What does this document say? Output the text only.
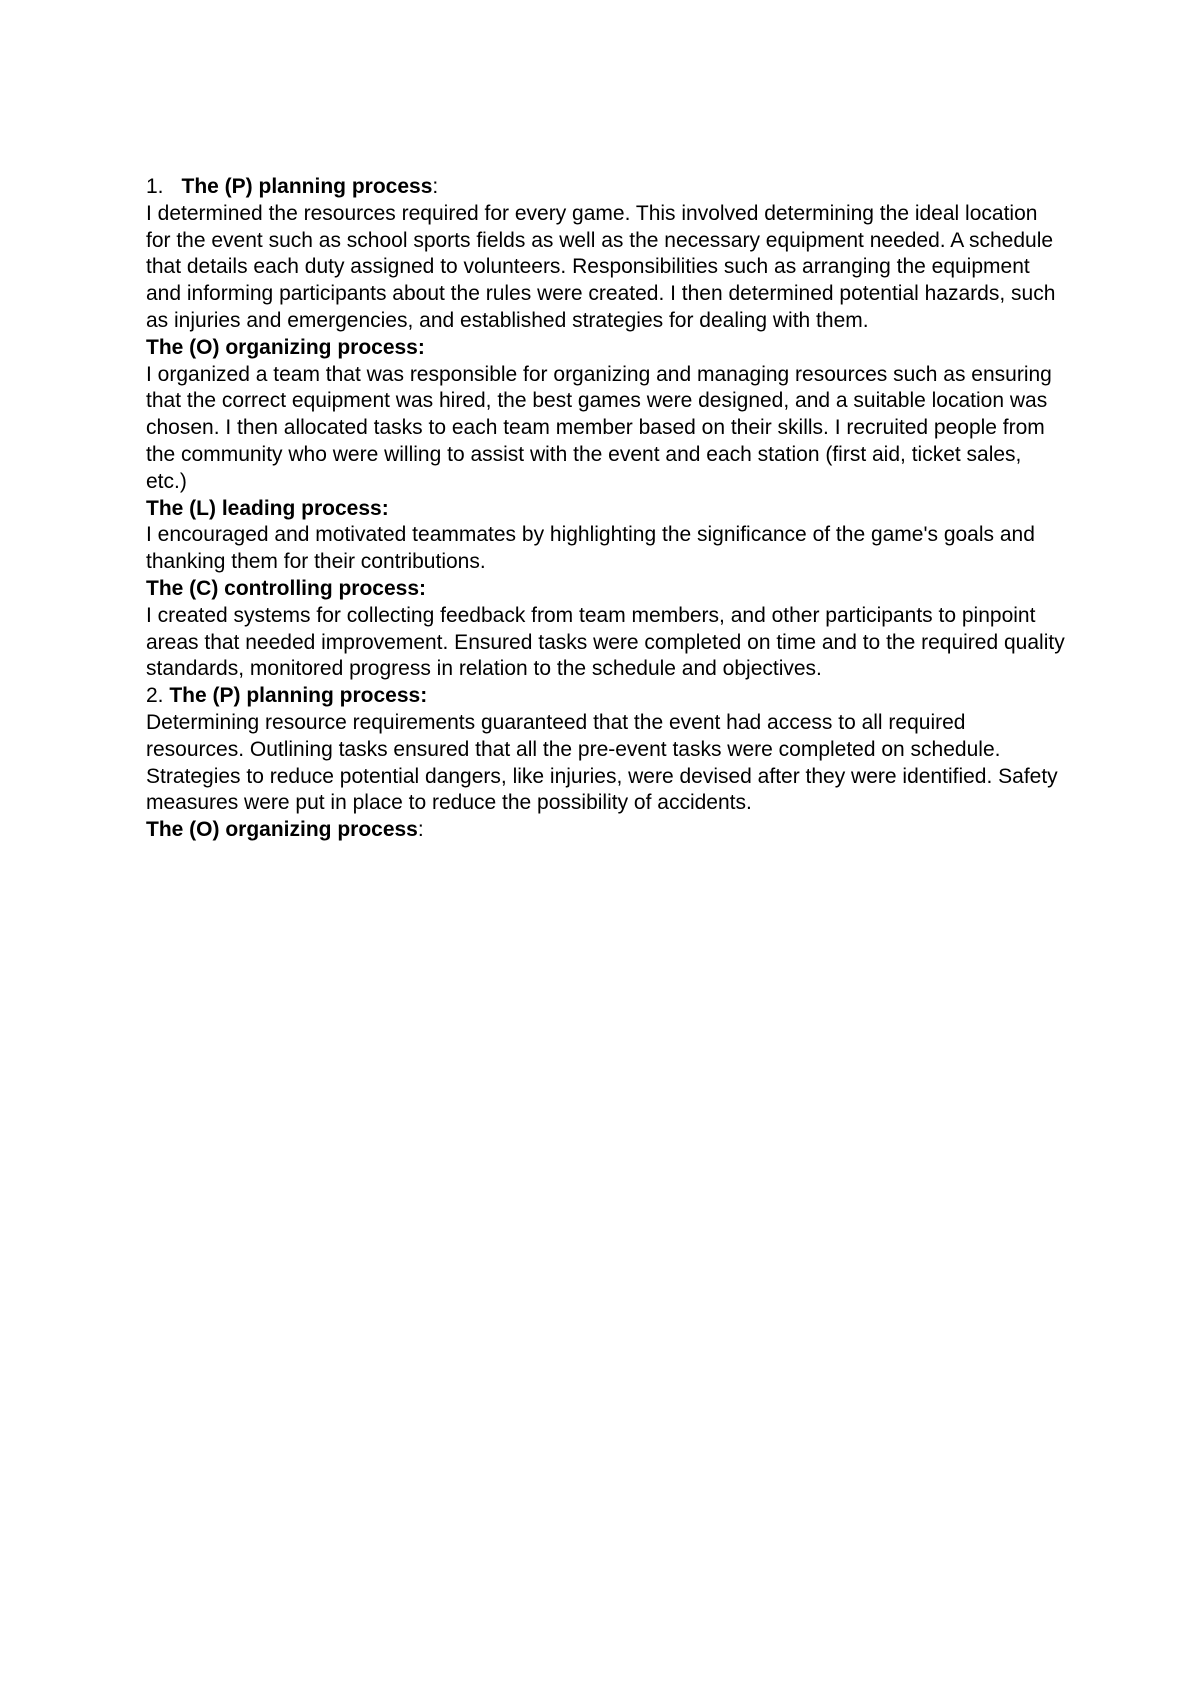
1. The (P) planning process:

I determined the resources required for every game. This involved determining the ideal location for the event such as school sports fields as well as the necessary equipment needed. A schedule that details each duty assigned to volunteers. Responsibilities such as arranging the equipment and informing participants about the rules were created. I then determined potential hazards, such as injuries and emergencies, and established strategies for dealing with them.

The (O) organizing process:

I organized a team that was responsible for organizing and managing resources such as ensuring that the correct equipment was hired, the best games were designed, and a suitable location was chosen. I then allocated tasks to each team member based on their skills. I recruited people from the community who were willing to assist with the event and each station (first aid, ticket sales, etc.)

The (L) leading process:

I encouraged and motivated teammates by highlighting the significance of the game's goals and thanking them for their contributions.

The (C) controlling process:

I created systems for collecting feedback from team members, and other participants to pinpoint areas that needed improvement. Ensured tasks were completed on time and to the required quality standards, monitored progress in relation to the schedule and objectives.

2. The (P) planning process:

Determining resource requirements guaranteed that the event had access to all required resources. Outlining tasks ensured that all the pre-event tasks were completed on schedule. Strategies to reduce potential dangers, like injuries, were devised after they were identified. Safety measures were put in place to reduce the possibility of accidents.

The (O) organizing process:
